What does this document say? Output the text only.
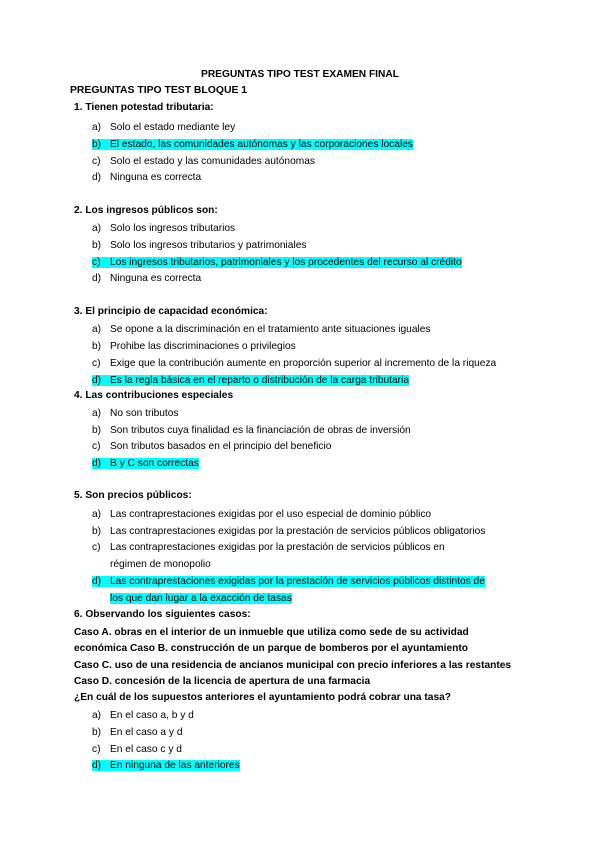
PREGUNTAS TIPO TEST EXAMEN FINAL
PREGUNTAS TIPO TEST BLOQUE 1
1. Tienen potestad tributaria:
a) Solo el estado mediante ley
b) El estado, las comunidades autónomas y las corporaciones locales
c) Solo el estado y las comunidades autónomas
d) Ninguna es correcta
2. Los ingresos públicos son:
a) Solo los ingresos tributarios
b) Solo los ingresos tributarios y patrimoniales
c) Los ingresos tributarios, patrimoniales y los procedentes del recurso al crédito
d) Ninguna es correcta
3. El principio de capacidad económica:
a) Se opone a la discriminación en el tratamiento ante situaciones iguales
b) Prohibe las discriminaciones o privilegios
c) Exige que la contribución aumente en proporción superior al incremento de la riqueza
d) Es la regla básica en el reparto o distribución de la carga tributaria
4. Las contribuciones especiales
a) No son tributos
b) Son tributos cuya finalidad es la financiación de obras de inversión
c) Son tributos basados en el principio del beneficio
d) B y C son correctas
5. Son precios públicos:
a) Las contraprestaciones exigidas por el uso especial de dominio público
b) Las contraprestaciones exigidas por la prestación de servicios públicos obligatorios
c) Las contraprestaciones exigidas por la prestación de servicios públicos en
régimen de monopolio
d) Las contraprestaciones exigidas por la prestación de servicios públicos distintos de
los que dan lugar a la exacción de tasas
6. Observando los siguientes casos:
Caso A. obras en el interior de un inmueble que utiliza como sede de su actividad
económica Caso B. construcción de un parque de bomberos por el ayuntamiento
Caso C. uso de una residencia de ancianos municipal con precio inferiores a las restantes
Caso D. concesión de la licencia de apertura de una farmacia
¿En cuál de los supuestos anteriores el ayuntamiento podrá cobrar una tasa?
a) En el caso a, b y d
b) En el caso a y d
c) En el caso c y d
d) En ninguna de las anteriores
